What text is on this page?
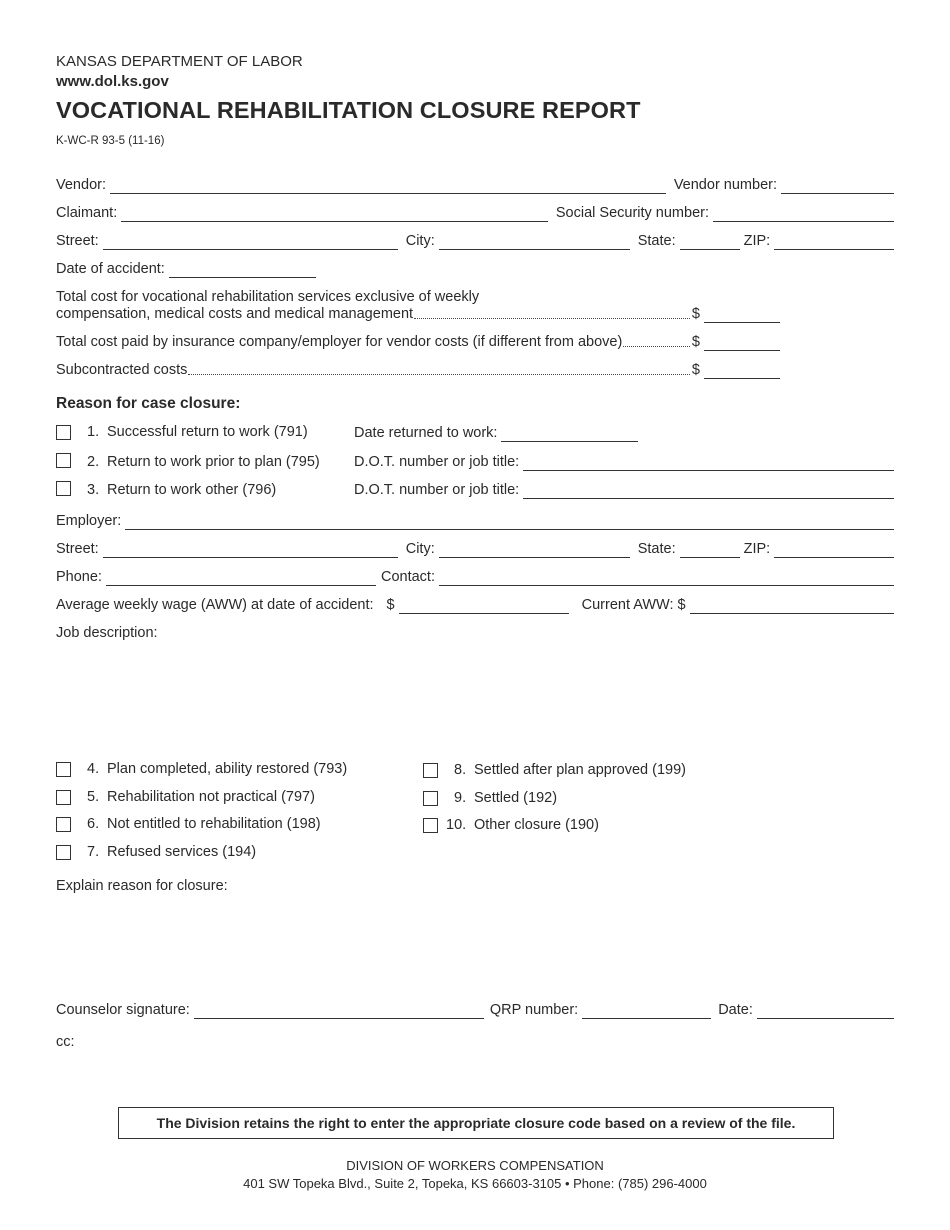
KANSAS DEPARTMENT OF LABOR
www.dol.ks.gov
VOCATIONAL REHABILITATION CLOSURE REPORT
K-WC-R 93-5 (11-16)
Vendor:	Vendor number:
Claimant:	Social Security number:
Street:	City:	State:	ZIP:
Date of accident:
Total cost for vocational rehabilitation services exclusive of weekly
compensation, medical costs and medical management	$
Total cost paid by insurance company/employer for vendor costs (if different from above)	$
Subcontracted costs	$
Reason for case closure:
1. Successful return to work (791)	Date returned to work:
2. Return to work prior to plan (795) D.O.T. number or job title:
3. Return to work other (796)	D.O.T. number or job title:
Employer:
Street:	City:	State:	ZIP:
Phone:	Contact:
Average weekly wage (AWW) at date of accident: $	Current AWW: $
Job description:
4. Plan completed, ability restored (793)
5. Rehabilitation not practical (797)
6. Not entitled to rehabilitation (198)
7. Refused services (194)
8. Settled after plan approved (199)
9. Settled (192)
10. Other closure (190)
Explain reason for closure:
Counselor signature:	QRP number:	Date:
cc:
The Division retains the right to enter the appropriate closure code based on a review of the file.
DIVISION OF WORKERS COMPENSATION
401 SW Topeka Blvd., Suite 2, Topeka, KS 66603-3105 • Phone: (785) 296-4000
